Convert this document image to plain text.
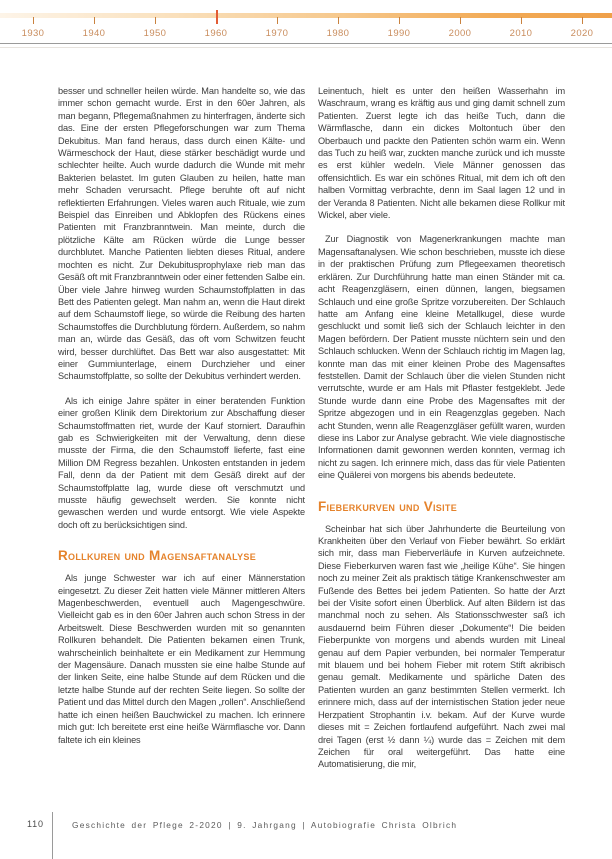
1930	1940	1950	1960	1970	1980	1990	2000	2010	2020

besser und schneller heilen würde. Man handelte so, wie das immer schon gemacht wurde. Erst in den 60er Jahren, als man begann, Pflegemaßnahmen zu hinterfragen, änderte sich das. Eine der ersten Pflegeforschungen war zum Thema Dekubitus. Man fand heraus, dass durch einen Kälte- und Wärmeschock der Haut, diese stärker beschädigt wurde und schlechter heilte. Auch wurde dadurch die Wunde mit mehr Bakterien belastet. Im guten Glauben zu heilen, hatte man mehr Schaden verursacht. Pflege beruhte oft auf nicht reflektierten Erfahrungen. Vieles waren auch Rituale, wie zum Beispiel das Einreiben und Abklopfen des Rückens eines Patienten mit Franzbranntwein. Man meinte, durch die plötzliche Kälte am Rücken würde die Lunge besser durchblutet. Manche Patienten liebten dieses Ritual, andere mochten es nicht. Zur Dekubitusprophylaxe rieb man das Gesäß oft mit Franzbranntwein oder einer fettenden Salbe ein. Über viele Jahre hinweg wurden Schaumstoffplatten in das Bett des Patienten gelegt. Man nahm an, wenn die Haut direkt auf dem Schaumstoff liege, so würde die Reibung des harten Schaumstoffes die Durchblutung fördern. Außerdem, so nahm man an, würde das Gesäß, das oft vom Schwitzen feucht wird, besser durchlüftet. Das Bett war also ausgestattet: Mit einer Gummiunterlage, einem Durchzieher und einer Schaumstoffplatte, so sollte der Dekubitus verhindert werden.

Als ich einige Jahre später in einer beratenden Funktion einer großen Klinik dem Direktorium zur Abschaffung dieser Schaumstoffmatten riet, wurde der Kauf storniert. Daraufhin gab es Schwierigkeiten mit der Verwaltung, denn diese musste der Firma, die den Schaumstoff lieferte, fast eine Million DM Regress bezahlen. Unkosten entstanden in jedem Fall, denn da der Patient mit dem Gesäß direkt auf der Schaumstoffplatte lag, wurde diese oft verschmutzt und musste häufig gewechselt werden. Sie konnte nicht gewaschen werden und wurde entsorgt. Wie viele Aspekte doch oft zu berücksichtigen sind.

Rollkuren und Magensaftanalyse

Als junge Schwester war ich auf einer Männerstation eingesetzt. Zu dieser Zeit hatten viele Männer mittleren Alters Magenbeschwerden, eventuell auch Magengeschwüre. Vielleicht gab es in den 60er Jahren auch schon Stress in der Arbeitswelt. Diese Beschwerden wurden mit so genannten Rollkuren behandelt. Die Patienten bekamen einen Trunk, wahrscheinlich beinhaltete er ein Medikament zur Hemmung der Magensäure. Danach mussten sie eine halbe Stunde auf der linken Seite, eine halbe Stunde auf dem Rücken und die letzte halbe Stunde auf der rechten Seite liegen. So sollte der Patient und das Mittel durch den Magen „rollen“. Anschließend hatte ich einen heißen Bauchwickel zu machen. Ich erinnere mich gut: Ich bereitete erst eine heiße Wärmflasche vor. Dann faltete ich ein kleines

Leinentuch, hielt es unter den heißen Wasserhahn im Waschraum, wrang es kräftig aus und ging damit schnell zum Patienten. Zuerst legte ich das heiße Tuch, dann die Wärmflasche, dann ein dickes Moltontuch über den Oberbauch und packte den Patienten schön warm ein. Wenn das Tuch zu heiß war, zuckten manche zurück und ich musste es erst kühler wedeln. Viele Männer genossen das offensichtlich. Es war ein schönes Ritual, mit dem ich oft den halben Vormittag verbrachte, denn im Saal lagen 12 und in der Veranda 8 Patienten. Nicht alle bekamen diese Rollkur mit Wickel, aber viele.

Zur Diagnostik von Magenerkrankungen machte man Magensaftanalysen. Wie schon beschrieben, musste ich diese in der praktischen Prüfung zum Pflegeexamen theoretisch erklären. Zur Durchführung hatte man einen Ständer mit ca. acht Reagenzgläsern, einen dünnen, langen, biegsamen Schlauch und eine große Spritze vorzubereiten. Der Schlauch hatte am Anfang eine kleine Metallkugel, diese wurde geschluckt und somit ließ sich der Schlauch leichter in den Magen befördern. Der Patient musste nüchtern sein und den Schlauch schlucken. Wenn der Schlauch richtig im Magen lag, konnte man das mit einer kleinen Probe des Magensaftes feststellen. Damit der Schlauch über die vielen Stunden nicht verrutschte, wurde er am Hals mit Pflaster festgeklebt. Jede Stunde wurde dann eine Probe des Magensaftes mit der Spritze abgezogen und in ein Reagenzglas gegeben. Nach acht Stunden, wenn alle Reagenzgläser gefüllt waren, wurden diese ins Labor zur Analyse gebracht. Wie viele diagnostische Informationen damit gewonnen werden konnten, vermag ich nicht zu sagen. Ich erinnere mich, dass das für viele Patienten eine Quälerei von morgens bis abends bedeutete.

Fieberkurven und Visite

Scheinbar hat sich über Jahrhunderte die Beurteilung von Krankheiten über den Verlauf von Fieber bewährt. So erklärt sich mir, dass man Fieberverläufe in Kurven aufzeichnete. Diese Fieberkurven waren fast wie „heilige Kühe“. Sie hingen noch zu meiner Zeit als praktisch tätige Krankenschwester am Fußende des Bettes bei jedem Patienten. So hatte der Arzt bei der Visite sofort einen Überblick. Auf alten Bildern ist das manchmal noch zu sehen. Als Stationsschwester saß ich ausdauernd beim Führen dieser „Dokumente“! Die beiden Fieberpunkte von morgens und abends wurden mit Lineal genau auf dem Papier verbunden, bei normaler Temperatur mit blauem und bei hohem Fieber mit rotem Stift akribisch genau gemalt. Medikamente und spärliche Daten des Patienten wurden an ganz bestimmten Stellen vermerkt. Ich erinnere mich, dass auf der internistischen Station jeder neue Herzpatient Strophantin i.v. bekam. Auf der Kurve wurde dieses mit = Zeichen fortlaufend aufgeführt. Nach zwei mal drei Tagen (erst ½ dann ¼) wurde das = Zeichen mit dem Zeichen für oral weitergeführt. Das hatte eine Automatisierung, die mir,

110	Geschichte der Pflege 2-2020 | 9. Jahrgang | Autobiografie Christa Olbrich
